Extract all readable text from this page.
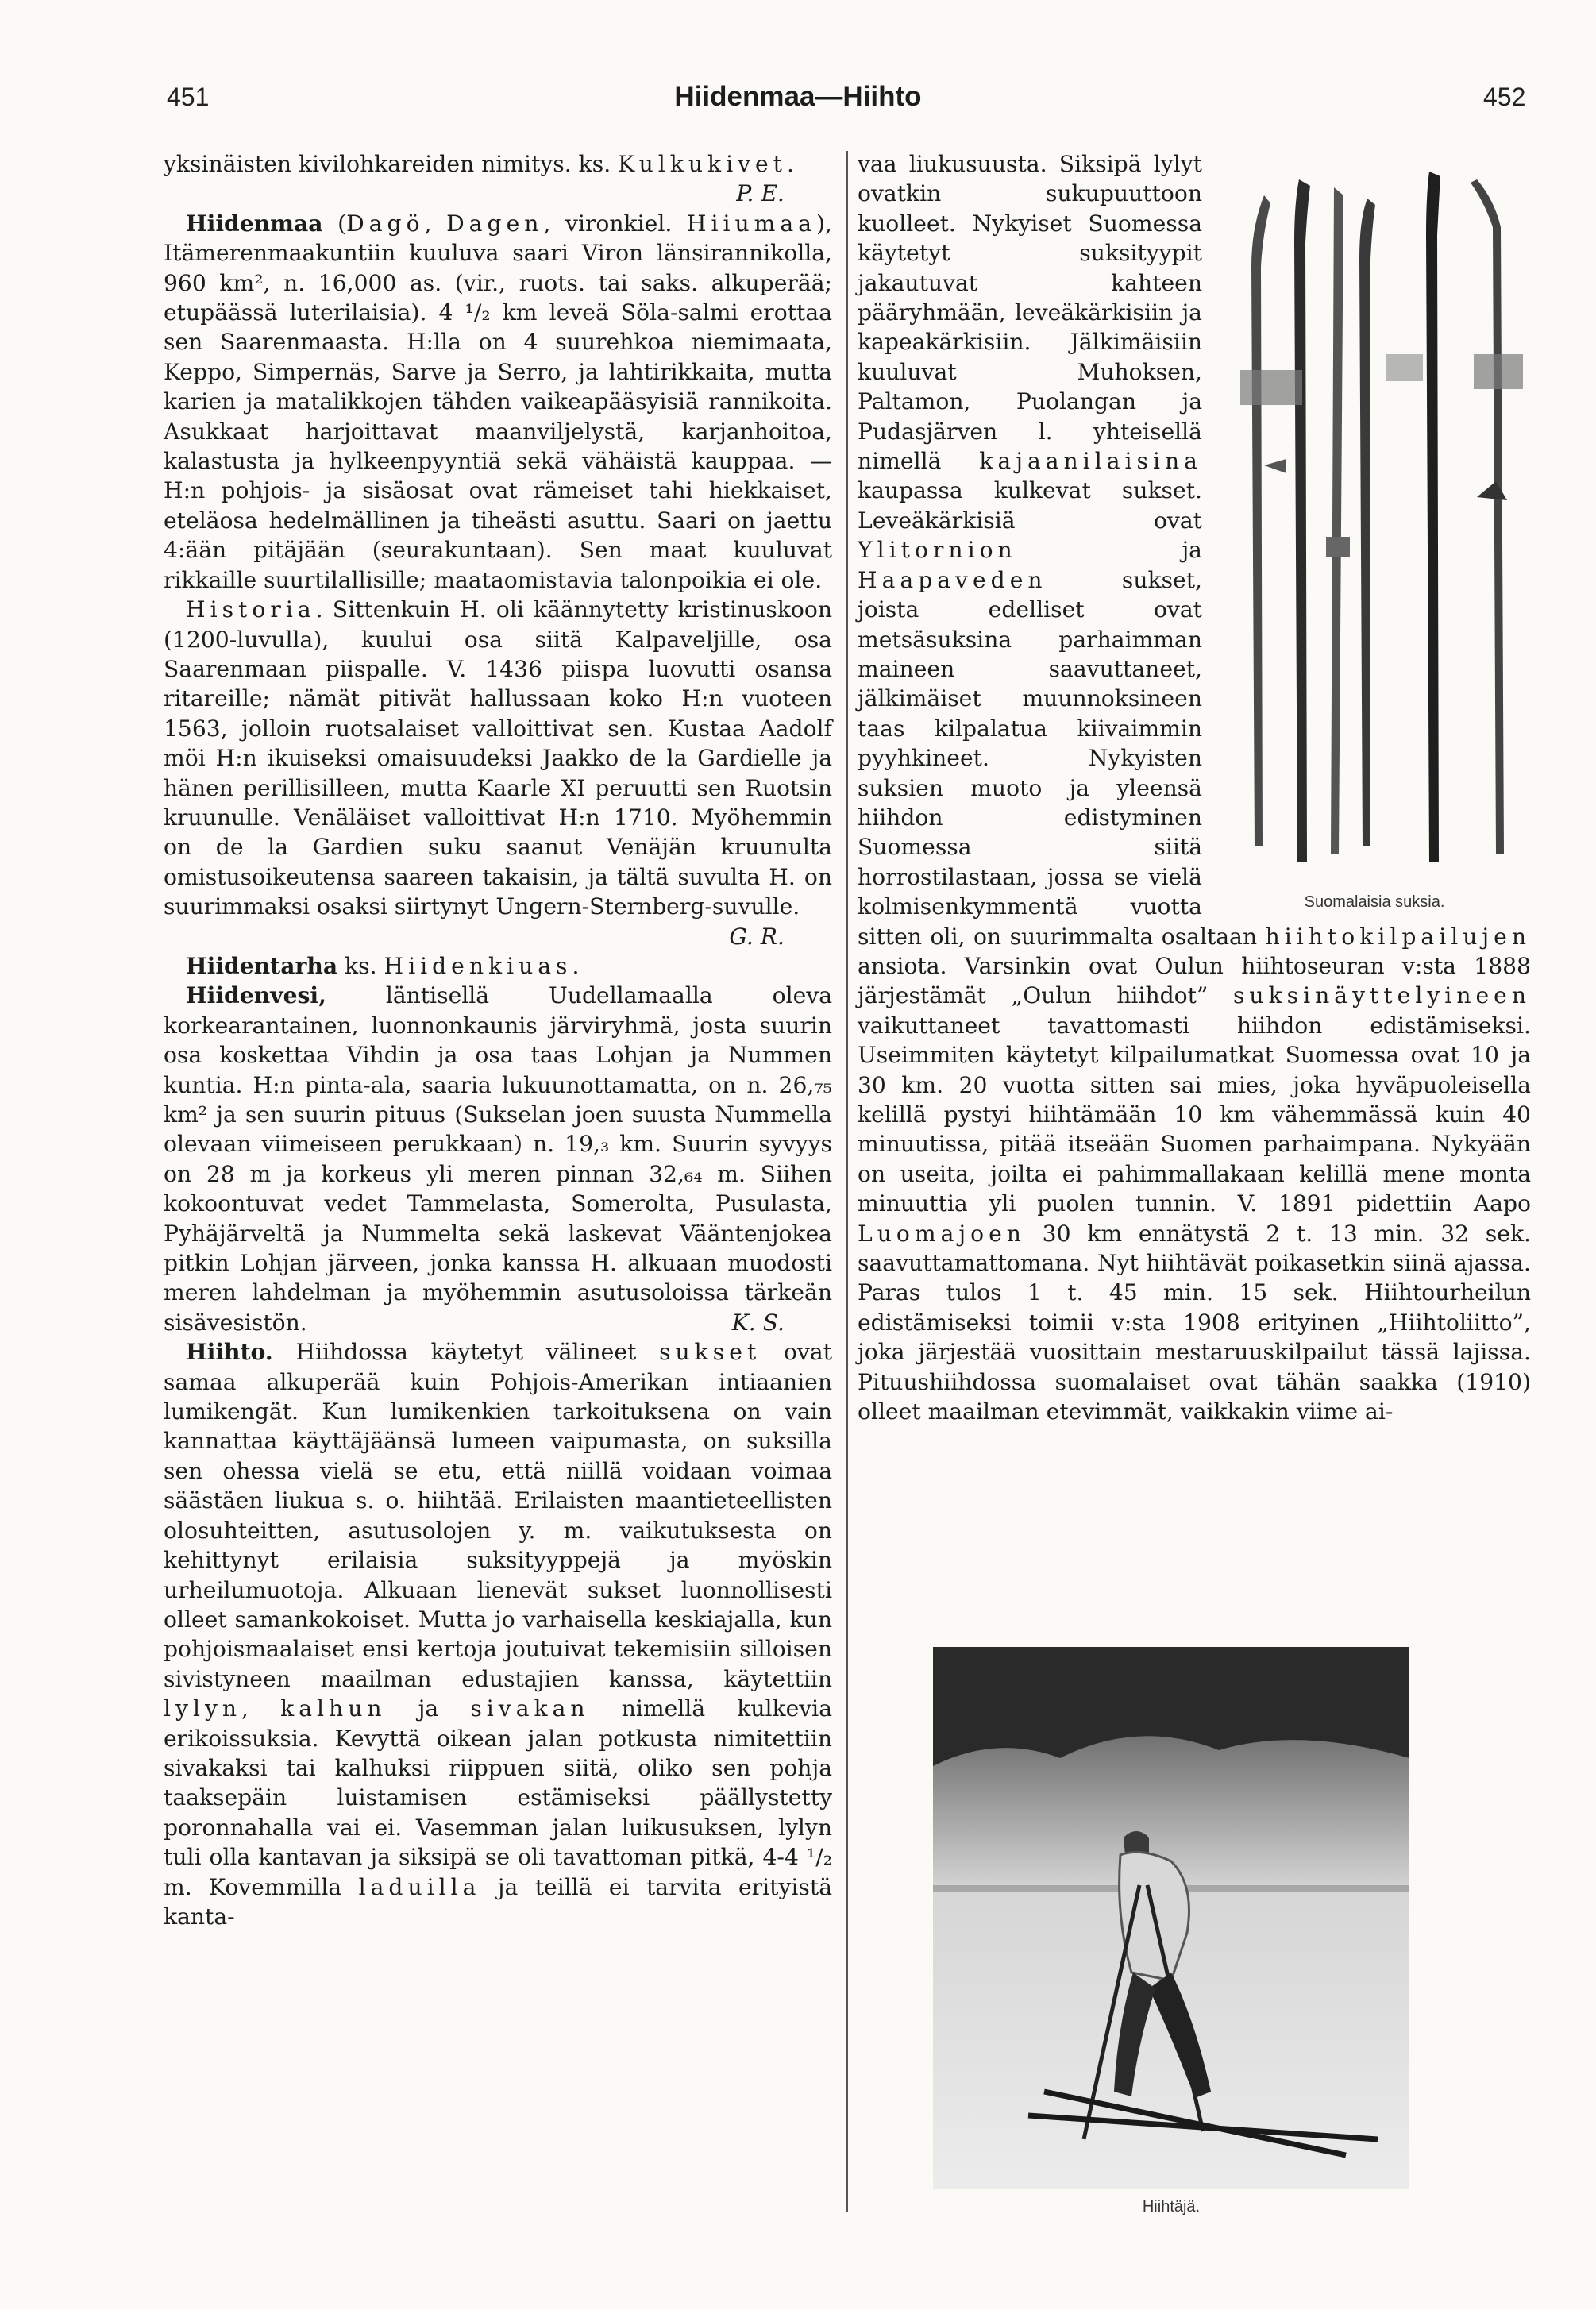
451	Hiidenmaa—Hiihto	452

yksinäisten kivilohkareiden nimitys. ks. Kulkukivet.
P. E.

Hiidenmaa (Dagö, Dagen, vironkiel. Hiiumaa), Itämerenmaakuntiin kuuluva saari Viron länsirannikolla, 960 km², n. 16,000 as. (vir., ruots. tai saks. alkuperää; etupäässä luterilaisia). 4 ¹/₂ km leveä Söla-salmi erottaa sen Saarenmaasta. H:lla on 4 suurehkoa niemimaata, Keppo, Simpernäs, Sarve ja Serro, ja lahtirikkaita, mutta karien ja matalikkojen tähden vaikeapääsyisiä rannikoita. Asukkaat harjoittavat maanviljelystä, karjanhoitoa, kalastusta ja hylkeenpyyntiä sekä vähäistä kauppaa. — H:n pohjois- ja sisäosat ovat rämeiset tahi hiekkaiset, eteläosa hedelmällinen ja tiheästi asuttu. Saari on jaettu 4:ään pitäjään (seurakuntaan). Sen maat kuuluvat rikkaille suurtilallisille; maataomistavia talonpoikia ei ole.

Historia. Sittenkuin H. oli käännytetty kristinuskoon (1200-luvulla), kuului osa siitä Kalpaveljille, osa Saarenmaan piispalle. V. 1436 piispa luovutti osansa ritareille; nämät pitivät hallussaan koko H:n vuoteen 1563, jolloin ruotsalaiset valloittivat sen. Kustaa Aadolf möi H:n ikuiseksi omaisuudeksi Jaakko de la Gardielle ja hänen perillisilleen, mutta Kaarle XI peruutti sen Ruotsin kruunulle. Venäläiset valloittivat H:n 1710. Myöhemmin on de la Gardien suku saanut Venäjän kruunulta omistusoikeutensa saareen takaisin, ja tältä suvulta H. on suurimmaksi osaksi siirtynyt Ungern-Sternberg-suvulle.
G. R.

Hiidentarha ks. Hiidenkiuas.

Hiidenvesi, läntisellä Uudellamaalla oleva korkearantainen, luonnonkaunis järviryhmä, josta suurin osa koskettaa Vihdin ja osa taas Lohjan ja Nummen kuntia. H:n pinta-ala, saaria lukuunottamatta, on n. 26,₇₅ km² ja sen suurin pituus (Sukselan joen suusta Nummella olevaan viimeiseen perukkaan) n. 19,₃ km. Suurin syvyys on 28 m ja korkeus yli meren pinnan 32,₆₄ m. Siihen kokoontuvat vedet Tammelasta, Somerolta, Pusulasta, Pyhäjärveltä ja Nummelta sekä laskevat Vääntenjokea pitkin Lohjan järveen, jonka kanssa H. alkuaan muodosti meren lahdelman ja myöhemmin asutusoloissa tärkeän sisävesistön.	K. S.

Hiihto. Hiihdossa käytetyt välineet sukset ovat samaa alkuperää kuin Pohjois-Amerikan intiaanien lumikengät. Kun lumikenkien tarkoituksena on vain kannattaa käyttäjäänsä lumeen vaipumasta, on suksilla sen ohessa vielä se etu, että niillä voidaan voimaa säästäen liukua s. o. hiihtää. Erilaisten maantieteellisten olosuhteitten, asutusolojen y. m. vaikutuksesta on kehittynyt erilaisia suksityyppejä ja myöskin urheilumuotoja. Alkuaan lienevät sukset luonnollisesti olleet samankokoiset. Mutta jo varhaisella keskiajalla, kun pohjoismaalaiset ensi kertoja joutuivat tekemisiin silloisen sivistyneen maailman edustajien kanssa, käytettiin lylyn, kalhun ja sivakan nimellä kulkevia erikoissuksia. Kevyttä oikean jalan potkusta nimitettiin sivakaksi tai kalhuksi riippuen siitä, oliko sen pohja taaksepäin luistamisen estämiseksi päällystetty poronnahalla vai ei. Vasemman jalan luikusuksen, lylyn tuli olla kantavan ja siksipä se oli tavattoman pitkä, 4-4 ¹/₂ m. Kovemmilla laduilla ja teillä ei tarvita erityistä kanta-

Suomalaisia suksia.

vaa liukusuusta. Siksipä lylyt ovatkin sukupuuttoon kuolleet. Nykyiset Suomessa käytetyt suksityypit jakautuvat kahteen pääryhmään, leveäkärkisiin ja kapeakärkisiin. Jälkimäisiin kuuluvat Muhoksen, Paltamon, Puolangan ja Pudasjärven l. yhteisellä nimellä kajaanilaisina kaupassa kulkevat sukset. Leveäkärkisiä ovat Ylitornion ja Haapaveden sukset, joista edelliset ovat metsäsuksina parhaimman maineen saavuttaneet, jälkimäiset muunnoksineen taas kilpalatua kiivaimmin pyyhkineet. Nykyisten suksien muoto ja yleensä hiihdon edistyminen Suomessa siitä horrostilastaan, jossa se vielä kolmisenkymmentä vuotta sitten oli, on suurimmalta osaltaan hiihtokilpailujen ansiota. Varsinkin ovat Oulun hiihtoseuran v:sta 1888 järjestämät „Oulun hiihdot” suksinäyttelyineen vaikuttaneet tavattomasti hiihdon edistämiseksi. Useimmiten käytetyt kilpailumatkat Suomessa ovat 10 ja 30 km. 20 vuotta sitten sai mies, joka hyväpuoleisella kelillä pystyi hiihtämään 10 km vähemmässä kuin 40 minuutissa, pitää itseään Suomen parhaimpana. Nykyään on useita, joilta ei pahimmallakaan kelillä mene monta minuuttia yli puolen tunnin. V. 1891 pidettiin Aapo Luomajoen 30 km ennätystä 2 t. 13 min. 32 sek. saavuttamattomana. Nyt hiihtävät poikasetkin siinä ajassa. Paras tulos 1 t. 45 min. 15 sek. Hiihtourheilun edistämiseksi toimii v:sta 1908 erityinen „Hiihtoliitto”, joka järjestää vuosittain mestaruuskilpailut tässä lajissa. Pituushiihdossa suomalaiset ovat tähän saakka (1910) olleet maailman etevimmät, vaikkakin viime ai-

Hiihtäjä.
